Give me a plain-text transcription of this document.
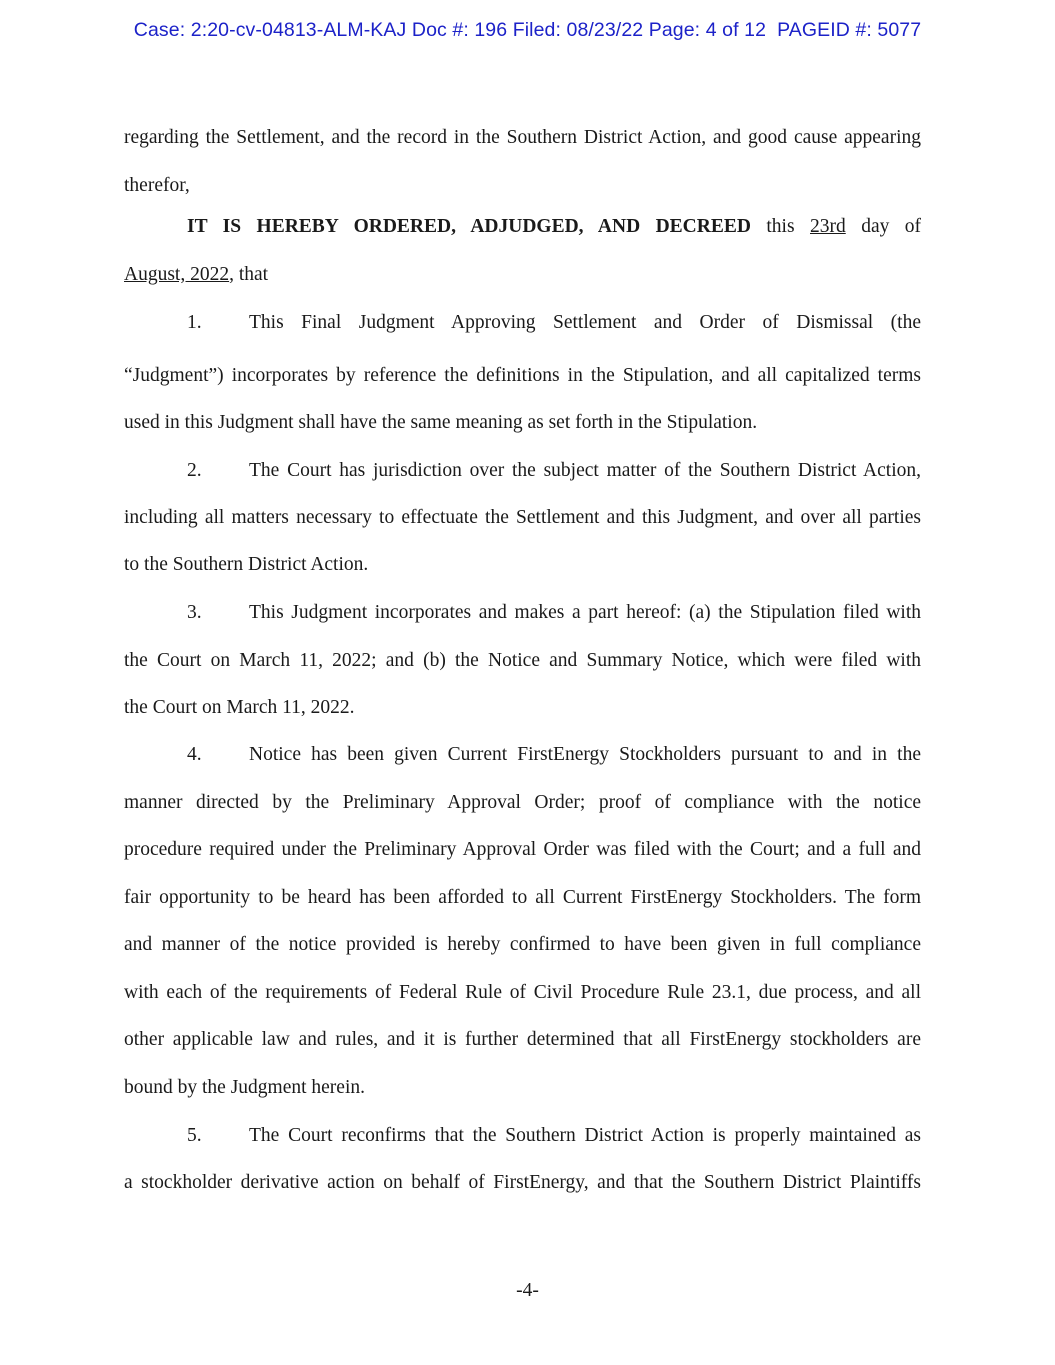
Case: 2:20-cv-04813-ALM-KAJ Doc #: 196 Filed: 08/23/22 Page: 4 of 12  PAGEID #: 5077
regarding the Settlement, and the record in the Southern District Action, and good cause appearing
therefor,
IT IS HEREBY ORDERED, ADJUDGED, AND DECREED this 23rd day of
August, 2022, that
1. This Final Judgment Approving Settlement and Order of Dismissal (the
“Judgment”) incorporates by reference the definitions in the Stipulation, and all capitalized terms
used in this Judgment shall have the same meaning as set forth in the Stipulation.
2. The Court has jurisdiction over the subject matter of the Southern District Action,
including all matters necessary to effectuate the Settlement and this Judgment, and over all parties
to the Southern District Action.
3. This Judgment incorporates and makes a part hereof: (a) the Stipulation filed with
the Court on March 11, 2022; and (b) the Notice and Summary Notice, which were filed with
the Court on March 11, 2022.
4. Notice has been given Current FirstEnergy Stockholders pursuant to and in the
manner directed by the Preliminary Approval Order; proof of compliance with the notice
procedure required under the Preliminary Approval Order was filed with the Court; and a full and
fair opportunity to be heard has been afforded to all Current FirstEnergy Stockholders. The form
and manner of the notice provided is hereby confirmed to have been given in full compliance
with each of the requirements of Federal Rule of Civil Procedure Rule 23.1, due process, and all
other applicable law and rules, and it is further determined that all FirstEnergy stockholders are
bound by the Judgment herein.
5. The Court reconfirms that the Southern District Action is properly maintained as
a stockholder derivative action on behalf of FirstEnergy, and that the Southern District Plaintiffs
-4-
